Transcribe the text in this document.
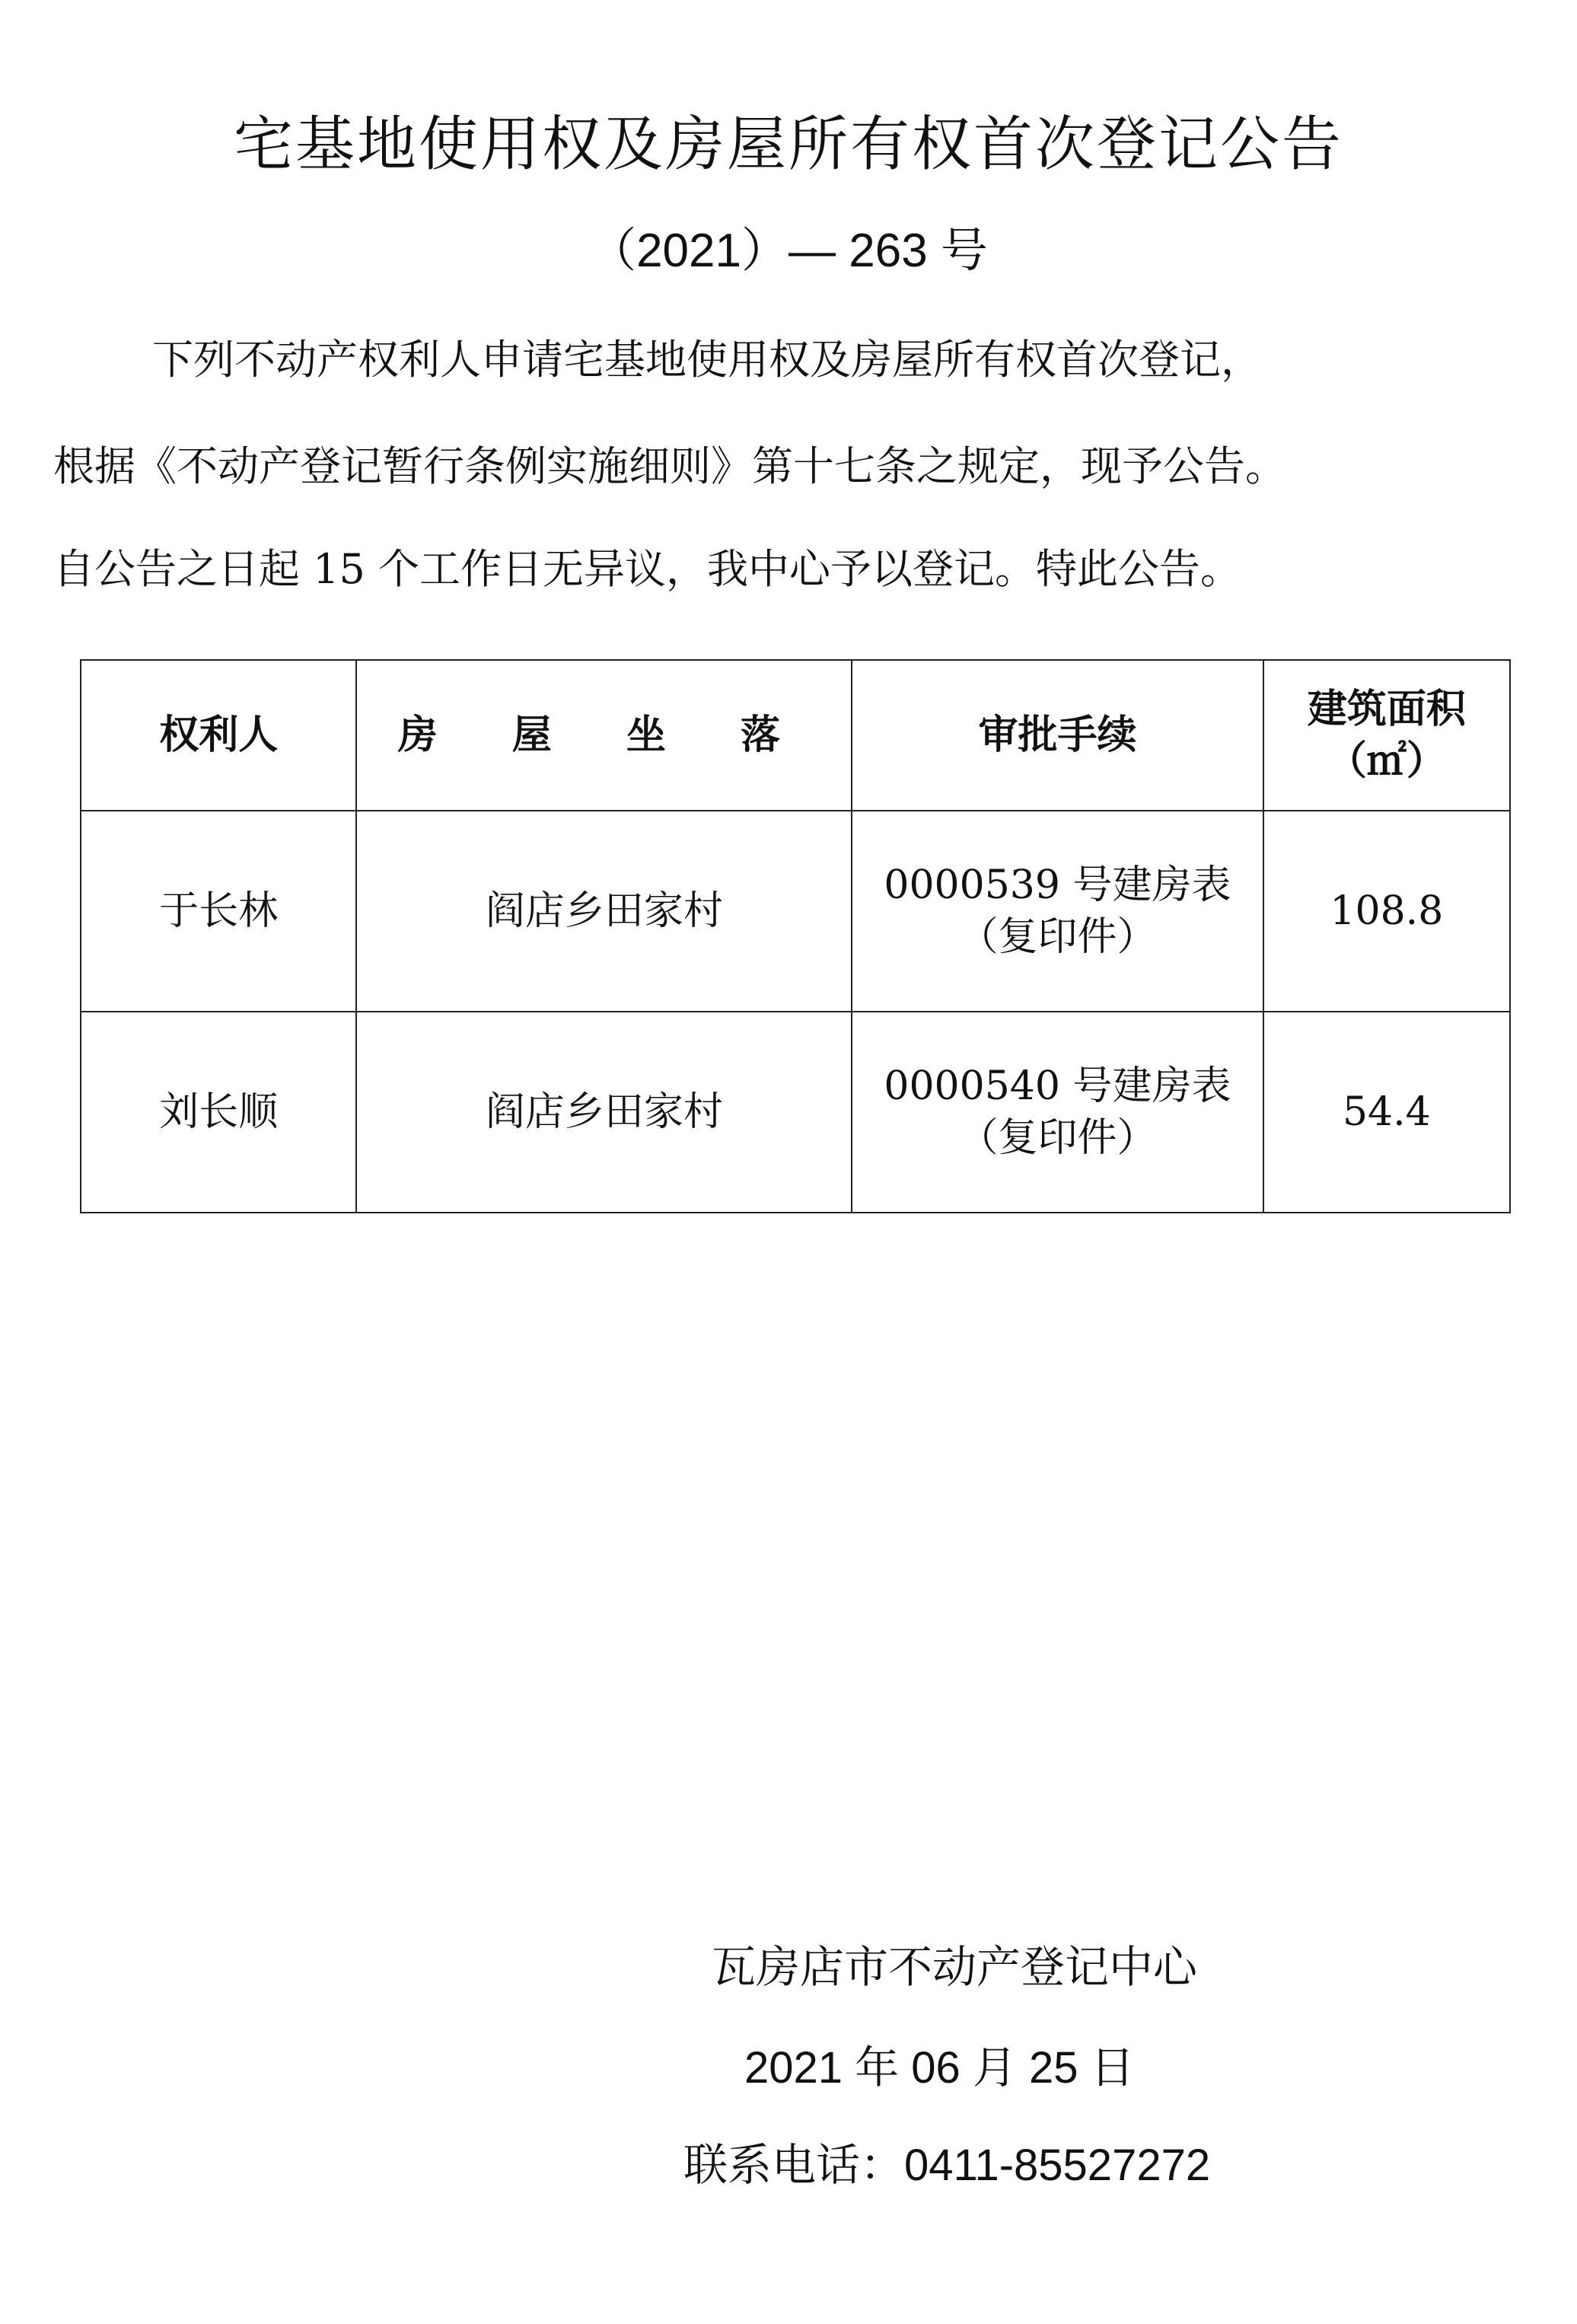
宅基地使用权及房屋所有权首次登记公告
（2021）— 263 号
下列不动产权利人申请宅基地使用权及房屋所有权首次登记，
根据《不动产登记暂行条例实施细则》第十七条之规定，现予公告。
自公告之日起 15 个工作日无异议，我中心予以登记。特此公告。
权利人	房 屋 坐 落	审批手续	建筑面积
（㎡）

于长林	阎店乡田家村	0000539 号建房表
（复印件）	108.8
刘长顺	阎店乡田家村	0000540 号建房表
（复印件）	54.4
瓦房店市不动产登记中心
2021 年 06 月 25 日
联系电话：0411-85527272
